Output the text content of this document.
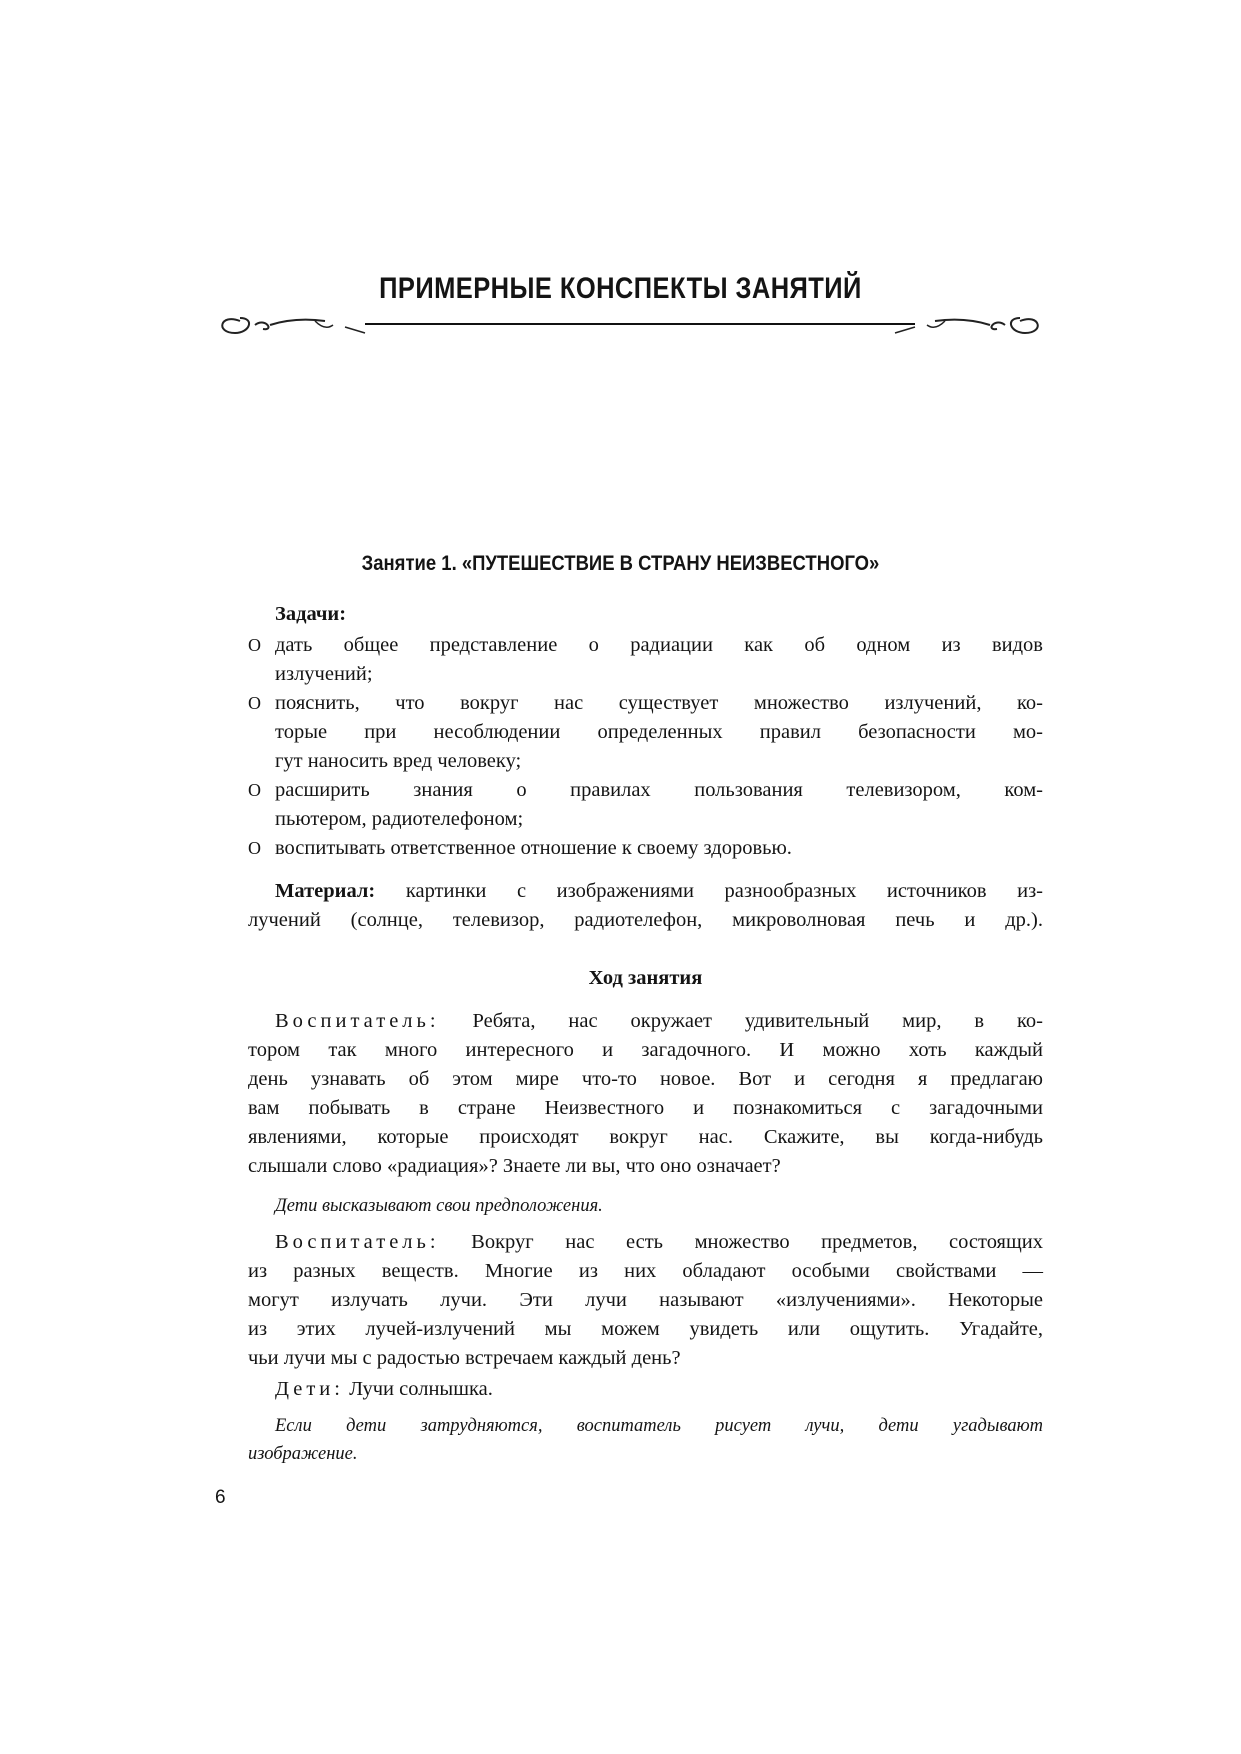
ПРИМЕРНЫЕ КОНСПЕКТЫ ЗАНЯТИЙ
Занятие 1. «ПУТЕШЕСТВИЕ В СТРАНУ НЕИЗВЕСТНОГО»
Задачи:
O дать общее представление о радиации как об одном из видов
излучений;
O пояснить, что вокруг нас существует множество излучений, ко-
торые при несоблюдении определенных правил безопасности мо-
гут наносить вред человеку;
O расширить знания о правилах пользования телевизором, ком-
пьютером, радиотелефоном;
O воспитывать ответственное отношение к своему здоровью.
Материал: картинки с изображениями разнообразных источников из-
лучений (солнце, телевизор, радиотелефон, микроволновая печь и др.).
Ход занятия
Воспитатель: Ребята, нас окружает удивительный мир, в ко-
тором так много интересного и загадочного. И можно хоть каждый
день узнавать об этом мире что-то новое. Вот и сегодня я предлагаю
вам побывать в стране Неизвестного и познакомиться с загадочными
явлениями, которые происходят вокруг нас. Скажите, вы когда-нибудь
слышали слово «радиация»? Знаете ли вы, что оно означает?
Дети высказывают свои предположения.
Воспитатель: Вокруг нас есть множество предметов, состоящих
из разных веществ. Многие из них обладают особыми свойствами —
могут излучать лучи. Эти лучи называют «излучениями». Некоторые
из этих лучей-излучений мы можем увидеть или ощутить. Угадайте,
чьи лучи мы с радостью встречаем каждый день?
Дети: Лучи солнышка.
Если дети затрудняются, воспитатель рисует лучи, дети угадывают
изображение.
6
